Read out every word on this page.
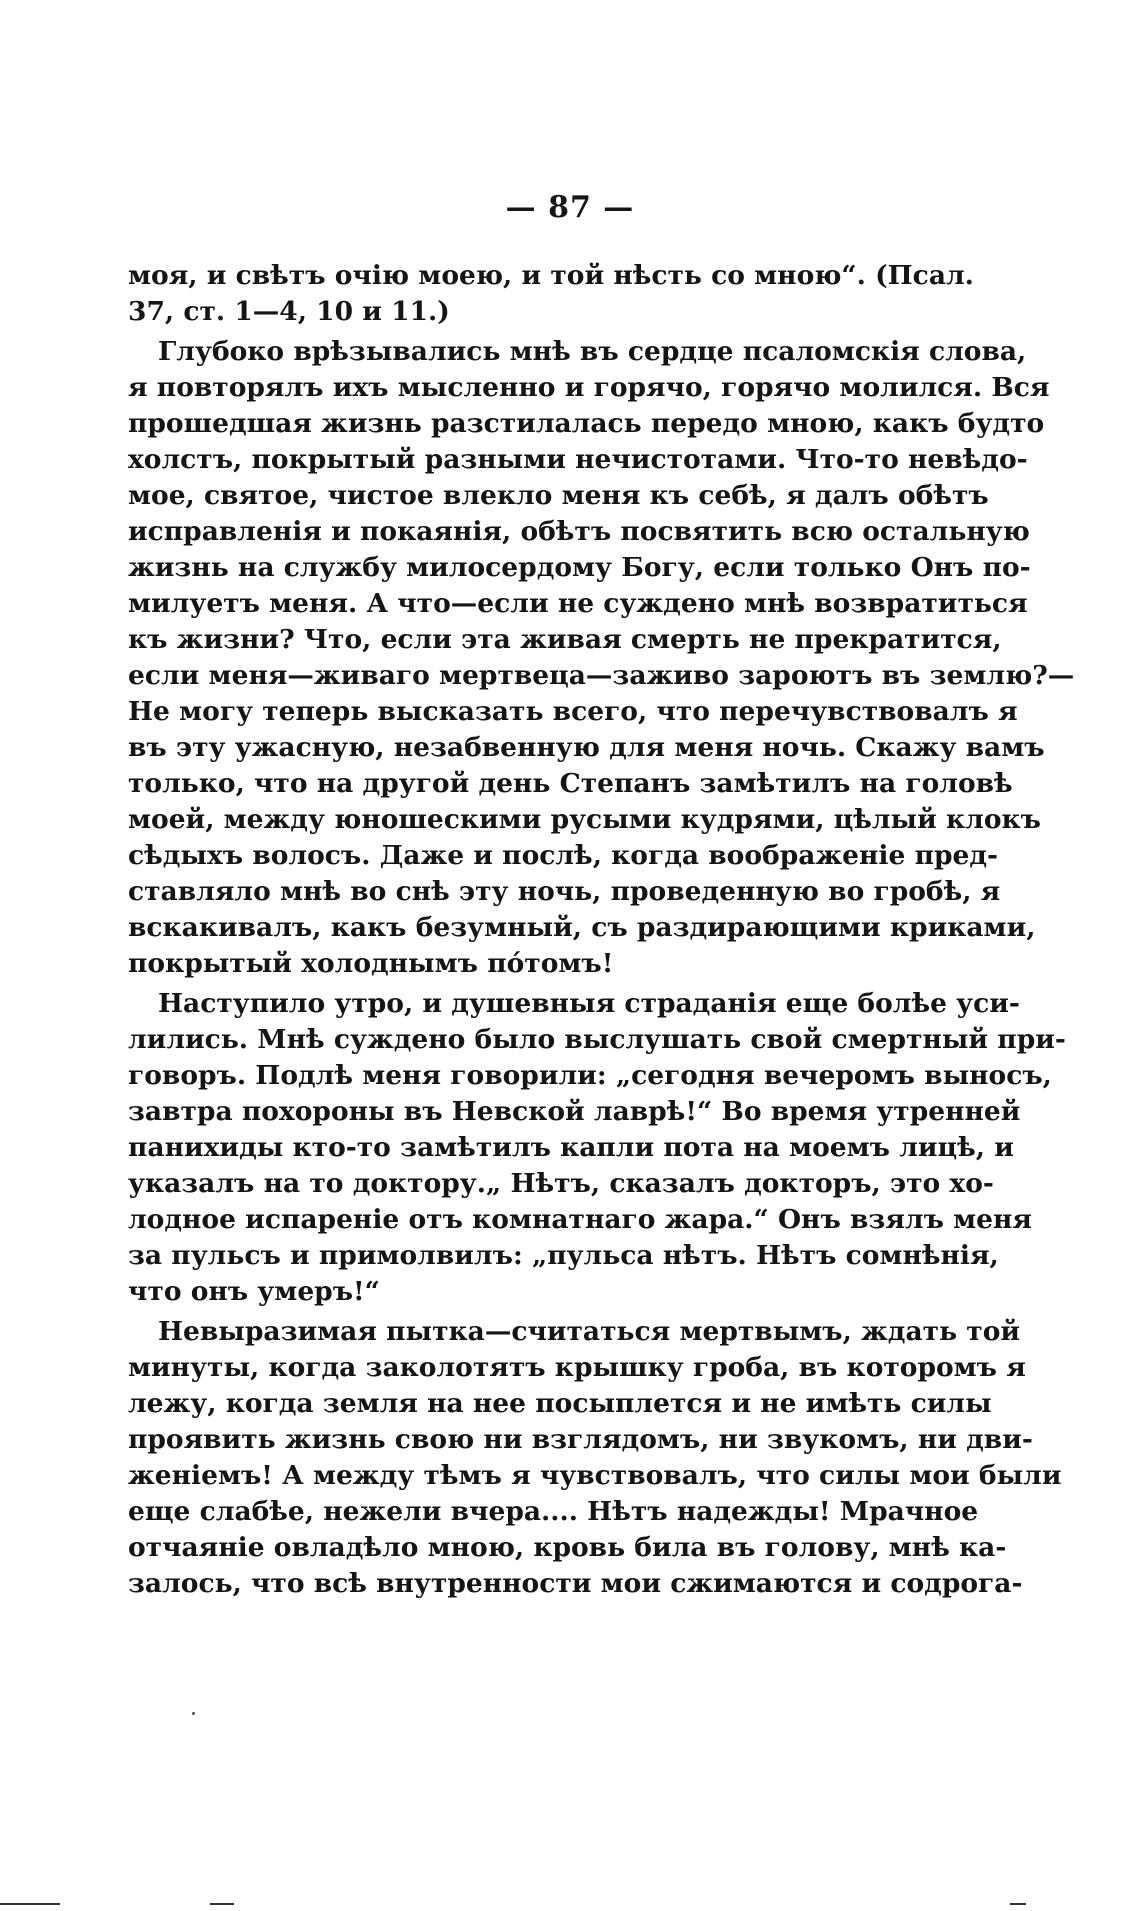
— 87 —
моя, и свѣтъ очію моею, и той нѣсть со мною“. (Псал.
37, ст. 1—4, 10 и 11.)
Глубоко врѣзывались мнѣ въ сердце псаломскія слова,
я повторялъ ихъ мысленно и горячо, горячо молился. Вся
прошедшая жизнь разстилалась передо мною, какъ будто
холстъ, покрытый разными нечистотами. Что-то невѣдо-
мое, святое, чистое влекло меня къ себѣ, я далъ обѣтъ
исправленія и покаянія, обѣтъ посвятить всю остальную
жизнь на службу милосердому Богу, если только Онъ по-
милуетъ меня. А что—если не суждено мнѣ возвратиться
къ жизни? Что, если эта живая смерть не прекратится,
если меня—живаго мертвеца—заживо зароютъ въ землю?—
Не могу теперь высказать всего, что перечувствовалъ я
въ эту ужасную, незабвенную для меня ночь. Скажу вамъ
только, что на другой день Степанъ замѣтилъ на головѣ
моей, между юношескими русыми кудрями, цѣлый клокъ
сѣдыхъ волосъ. Даже и послѣ, когда воображеніе пред-
ставляло мнѣ во снѣ эту ночь, проведенную во гробѣ, я
вскакивалъ, какъ безумный, съ раздирающими криками,
покрытый холоднымъ пóтомъ!
Наступило утро, и душевныя страданія еще болѣе уси-
лились. Мнѣ суждено было выслушать свой смертный при-
говоръ. Подлѣ меня говорили: „сегодня вечеромъ выносъ,
завтра похороны въ Невской лаврѣ!“ Во время утренней
панихиды кто-то замѣтилъ капли пота на моемъ лицѣ, и
указалъ на то доктору.„ Нѣтъ, сказалъ докторъ, это хо-
лодное испареніе отъ комнатнаго жара.“ Онъ взялъ меня
за пульсъ и примолвилъ: „пульса нѣтъ. Нѣтъ сомнѣнія,
что онъ умеръ!“
Невыразимая пытка—считаться мертвымъ, ждать той
минуты, когда заколотятъ крышку гроба, въ которомъ я
лежу, когда земля на нее посыплется и не имѣть силы
проявить жизнь свою ни взглядомъ, ни звукомъ, ни дви-
женіемъ! А между тѣмъ я чувствовалъ, что силы мои были
еще слабѣе, нежели вчера.... Нѣтъ надежды! Мрачное
отчаяніе овладѣло мною, кровь била въ голову, мнѣ ка-
залось, что всѣ внутренности мои сжимаются и содрога-
